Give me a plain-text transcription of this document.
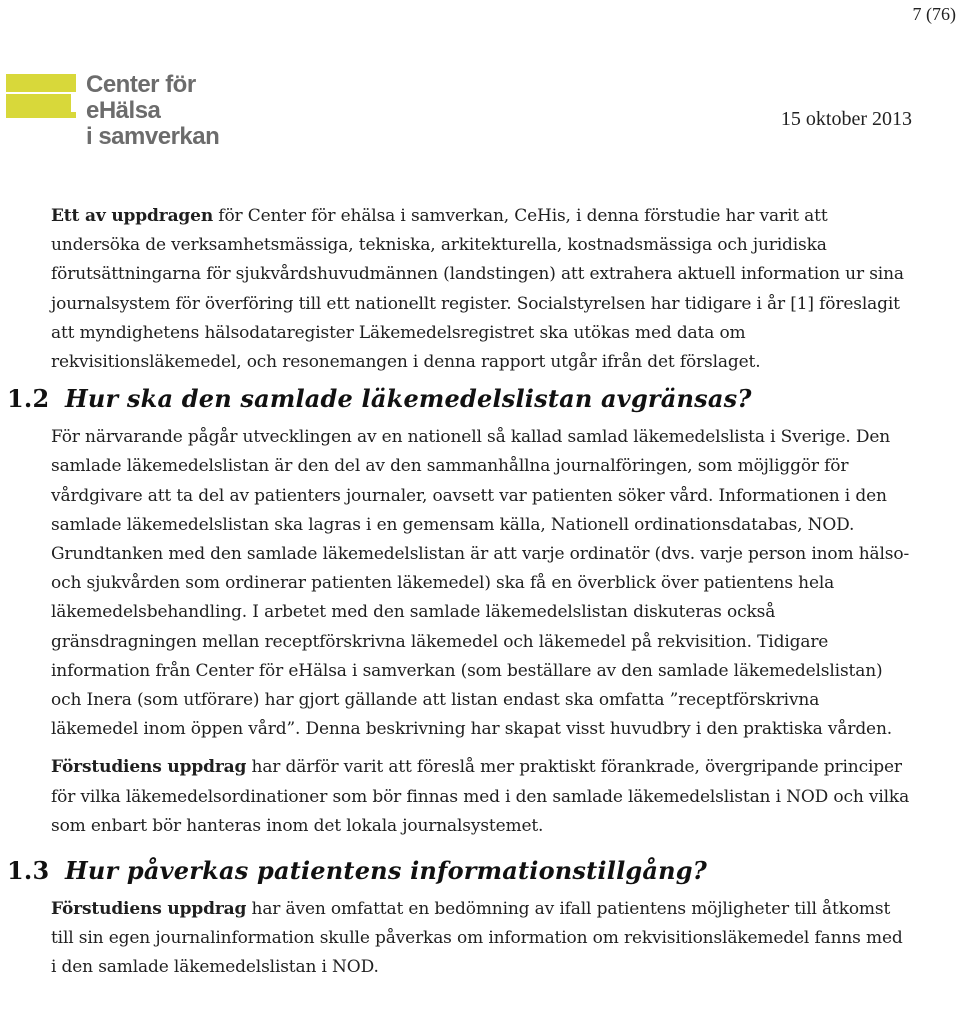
7 (76)
Center för eHälsa
i samverkan
15 oktober 2013

Ett av uppdragen för Center för ehälsa i samverkan, CeHis, i denna förstudie har varit att undersöka de verksamhetsmässiga, tekniska, arkitekturella, kostnadsmässiga och juridiska förutsättningarna för sjukvårdshuvudmännen (landstingen) att extrahera aktuell information ur sina journalsystem för överföring till ett nationellt register. Socialstyrelsen har tidigare i år [1] föreslagit att myndighetens hälsodataregister Läkemedelsregistret ska utökas med data om rekvisitionsläkemedel, och resonemangen i denna rapport utgår ifrån det förslaget.

1.2 Hur ska den samlade läkemedelslistan avgränsas?

För närvarande pågår utvecklingen av en nationell så kallad samlad läkemedelslista i Sverige. Den samlade läkemedelslistan är den del av den sammanhållna journalföringen, som möjliggör för vårdgivare att ta del av patienters journaler, oavsett var patienten söker vård. Informationen i den samlade läkemedelslistan ska lagras i en gemensam källa, Nationell ordinationsdatabas, NOD. Grundtanken med den samlade läkemedelslistan är att varje ordinatör (dvs. varje person inom hälso- och sjukvården som ordinerar patienten läkemedel) ska få en överblick över patientens hela läkemedelsbehandling. I arbetet med den samlade läkemedelslistan diskuteras också gränsdragningen mellan receptförskrivna läkemedel och läkemedel på rekvisition. Tidigare information från Center för eHälsa i samverkan (som beställare av den samlade läkemedelslistan) och Inera (som utförare) har gjort gällande att listan endast ska omfatta ”receptförskrivna läkemedel inom öppen vård”. Denna beskrivning har skapat visst huvudbry i den praktiska vården.

Förstudiens uppdrag har därför varit att föreslå mer praktiskt förankrade, övergripande principer för vilka läkemedelsordinationer som bör finnas med i den samlade läkemedelslistan i NOD och vilka som enbart bör hanteras inom det lokala journalsystemet.

1.3 Hur påverkas patientens informationstillgång?

Förstudiens uppdrag har även omfattat en bedömning av ifall patientens möjligheter till åtkomst till sin egen journalinformation skulle påverkas om information om rekvisitionsläkemedel fanns med i den samlade läkemedelslistan i NOD.
